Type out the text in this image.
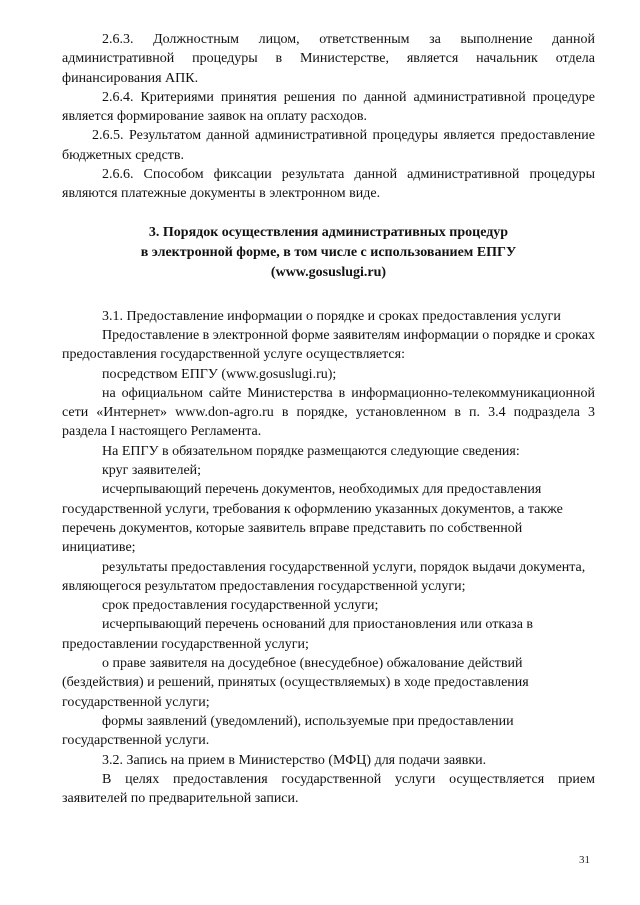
2.6.3. Должностным лицом, ответственным за выполнение данной административной процедуры в Министерстве, является начальник отдела финансирования АПК.

2.6.4. Критериями принятия решения по данной административной процедуре является формирование заявок на оплату расходов.

2.6.5. Результатом данной административной процедуры является предоставление бюджетных средств.

2.6.6. Способом фиксации результата данной административной процедуры являются платежные документы в электронном виде.

3. Порядок осуществления административных процедур

в электронной форме, в том числе с использованием ЕПГУ

(www.gosuslugi.ru)

3.1. Предоставление информации о порядке и сроках предоставления услуги

Предоставление в электронной форме заявителям информации о порядке и сроках предоставления государственной услуге осуществляется:

посредством ЕПГУ (www.gosuslugi.ru);

на официальном сайте Министерства в информационно-телекоммуникационной сети «Интернет» www.don-agro.ru в порядке, установленном в п. 3.4 подраздела 3 раздела I настоящего Регламента.

На ЕПГУ в обязательном порядке размещаются следующие сведения:

круг заявителей;

исчерпывающий перечень документов, необходимых для предоставления государственной услуги, требования к оформлению указанных документов, а также перечень документов, которые заявитель вправе представить по собственной инициативе;

результаты предоставления государственной услуги, порядок выдачи документа, являющегося результатом предоставления государственной услуги;

срок предоставления государственной услуги;

исчерпывающий перечень оснований для приостановления или отказа в предоставлении государственной услуги;

о праве заявителя на досудебное (внесудебное) обжалование действий (бездействия) и решений, принятых (осуществляемых) в ходе предоставления государственной услуги;

формы заявлений (уведомлений), используемые при предоставлении государственной услуги.

3.2. Запись на прием в Министерство (МФЦ) для подачи заявки.

В целях предоставления государственной услуги осуществляется прием заявителей по предварительной записи.

31
